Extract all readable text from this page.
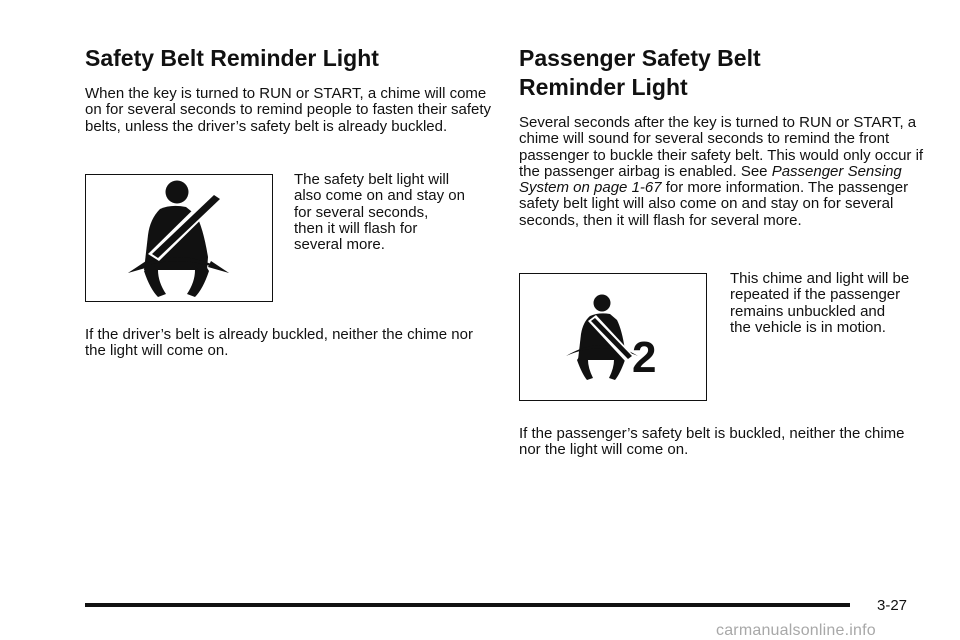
Safety Belt Reminder Light

When the key is turned to RUN or START, a chime will come on for several seconds to remind people to fasten their safety belts, unless the driver’s safety belt is already buckled.

The safety belt light will
also come on and stay on
for several seconds,
then it will flash for
several more.

If the driver’s belt is already buckled, neither the chime nor the light will come on.

Passenger Safety Belt
Reminder Light

Several seconds after the key is turned to RUN or START, a chime will sound for several seconds to remind the front passenger to buckle their safety belt. This would only occur if the passenger airbag is enabled. See Passenger Sensing System on page 1-67 for more information. The passenger safety belt light will also come on and stay on for several seconds, then it will flash for several more.

2

This chime and light will be
repeated if the passenger
remains unbuckled and
the vehicle is in motion.

If the passenger’s safety belt is buckled, neither the chime nor the light will come on.

3-27
carmanualsonline.info
